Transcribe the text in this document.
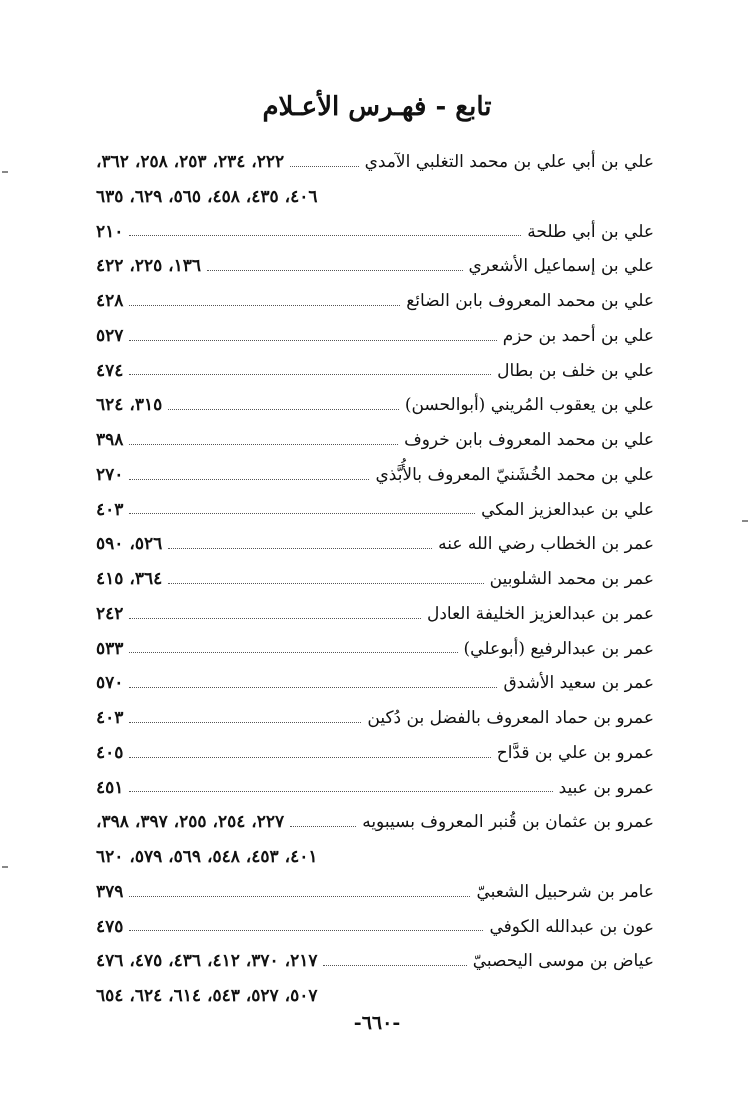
تابع - فهـرس الأعـلام
علي بن أبي علي بن محمد التغلبي الآمدي
٢٢٢، ٢٣٤، ٢٥٣، ٢٥٨، ٣٦٢،
٤٠٦، ٤٣٥، ٤٥٨، ٥٦٥، ٦٢٩، ٦٣٥
علي بن أبي طلحة
٢١٠
علي بن إسماعيل الأشعري
١٣٦، ٢٢٥، ٤٢٢
علي بن محمد المعروف بابن الضائع
٤٢٨
علي بن أحمد بن حزم
٥٢٧
علي بن خلف بن بطال
٤٧٤
علي بن يعقوب المُريني (أبوالحسن)
٣١٥، ٦٢٤
علي بن محمد المعروف بابن خروف
٣٩٨
علي بن محمد الخُشَنيّ المعروف بالأُبَّذي
٢٧٠
علي بن عبدالعزيز المكي
٤٠٣
عمر بن الخطاب رضي الله عنه
٥٢٦، ٥٩٠
عمر بن محمد الشلوبين
٣٦٤، ٤١٥
عمر بن عبدالعزيز الخليفة العادل
٢٤٢
عمر بن عبدالرفيع (أبوعلي)
٥٣٣
عمر بن سعيد الأشدق
٥٧٠
عمرو بن حماد المعروف بالفضل بن دُكين
٤٠٣
عمرو بن علي بن قدَّاح
٤٠٥
عمرو بن عبيد
٤٥١
عمرو بن عثمان بن قُنبر المعروف بسيبويه
٢٢٧، ٢٥٤، ٢٥٥، ٣٩٧، ٣٩٨،
٤٠١، ٤٥٣، ٥٤٨، ٥٦٩، ٥٧٩، ٦٢٠
عامر بن شرحبيل الشعبيّ
٣٧٩
عون بن عبدالله الكوفي
٤٧٥
عياض بن موسى اليحصبيّ
٢١٧، ٣٧٠، ٤١٢، ٤٣٦، ٤٧٥، ٤٧٦
٥٠٧، ٥٢٧، ٥٤٣، ٦١٤، ٦٢٤، ٦٥٤
-٦٦٠-
